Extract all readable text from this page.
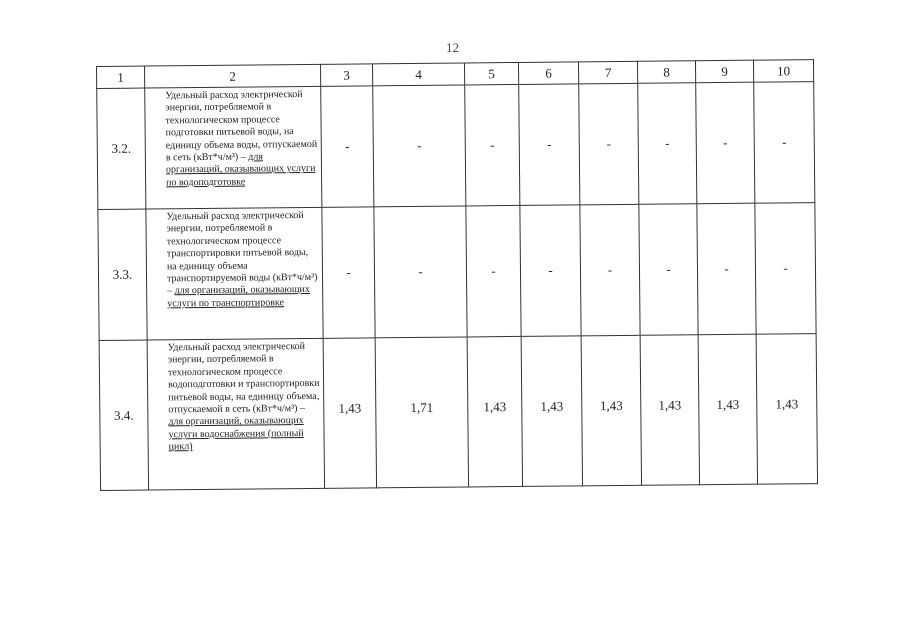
12
1	2	3	4	5	6	7	8	9	10
3.2.	Удельный расход электрической энергии, потребляемой в технологическом процессе подготовки питьевой воды, на единицу объема воды, отпускаемой в сеть (кВт*ч/м³) – для организаций, оказывающих услуги по водоподготовке	-	-	-	-	-	-	-	-
3.3.	Удельный расход электрической энергии, потребляемой в технологическом процессе транспортировки питьевой воды, на единицу объема транспортируемой воды (кВт*ч/м³) – для организаций, оказывающих услуги по транспортировке	-	-	-	-	-	-	-	-
3.4.	Удельный расход электрической энергии, потребляемой в технологическом процессе водоподготовки и транспортировки питьевой воды, на единицу объема, отпускаемой в сеть (кВт*ч/м³) – для организаций, оказывающих услуги водоснабжения (полный цикл)	1,43	1,71	1,43	1,43	1,43	1,43	1,43	1,43
